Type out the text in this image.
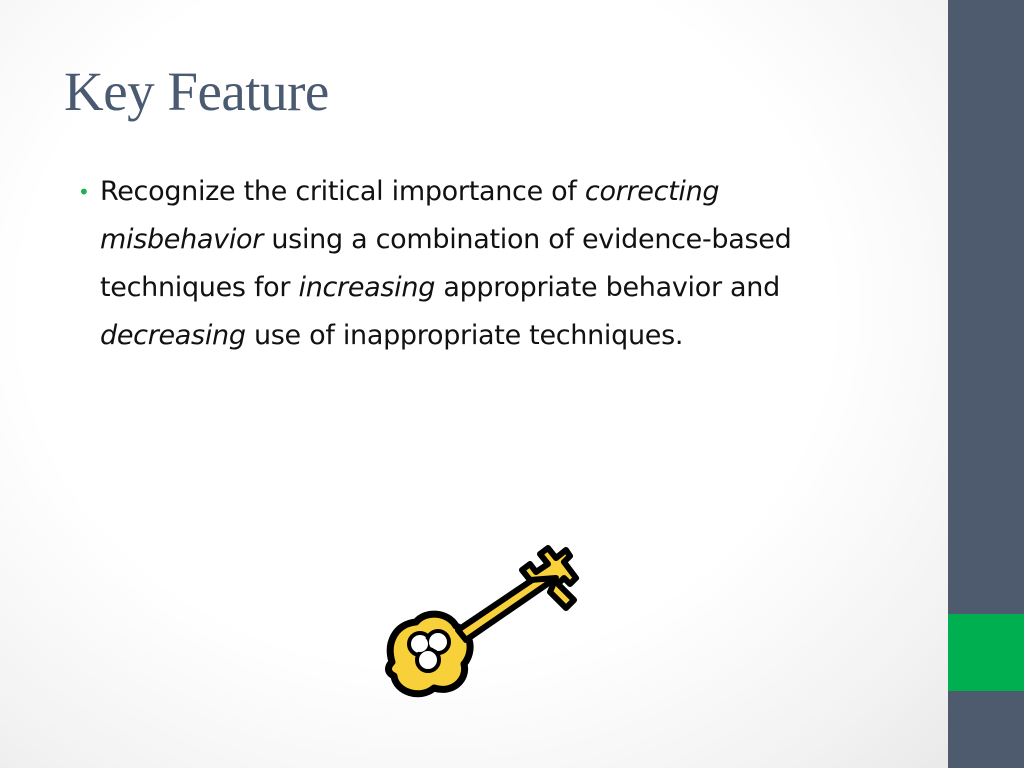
Key Feature
• Recognize the critical importance of correcting misbehavior using a combination of evidence-based techniques for increasing appropriate behavior and decreasing use of inappropriate techniques.
